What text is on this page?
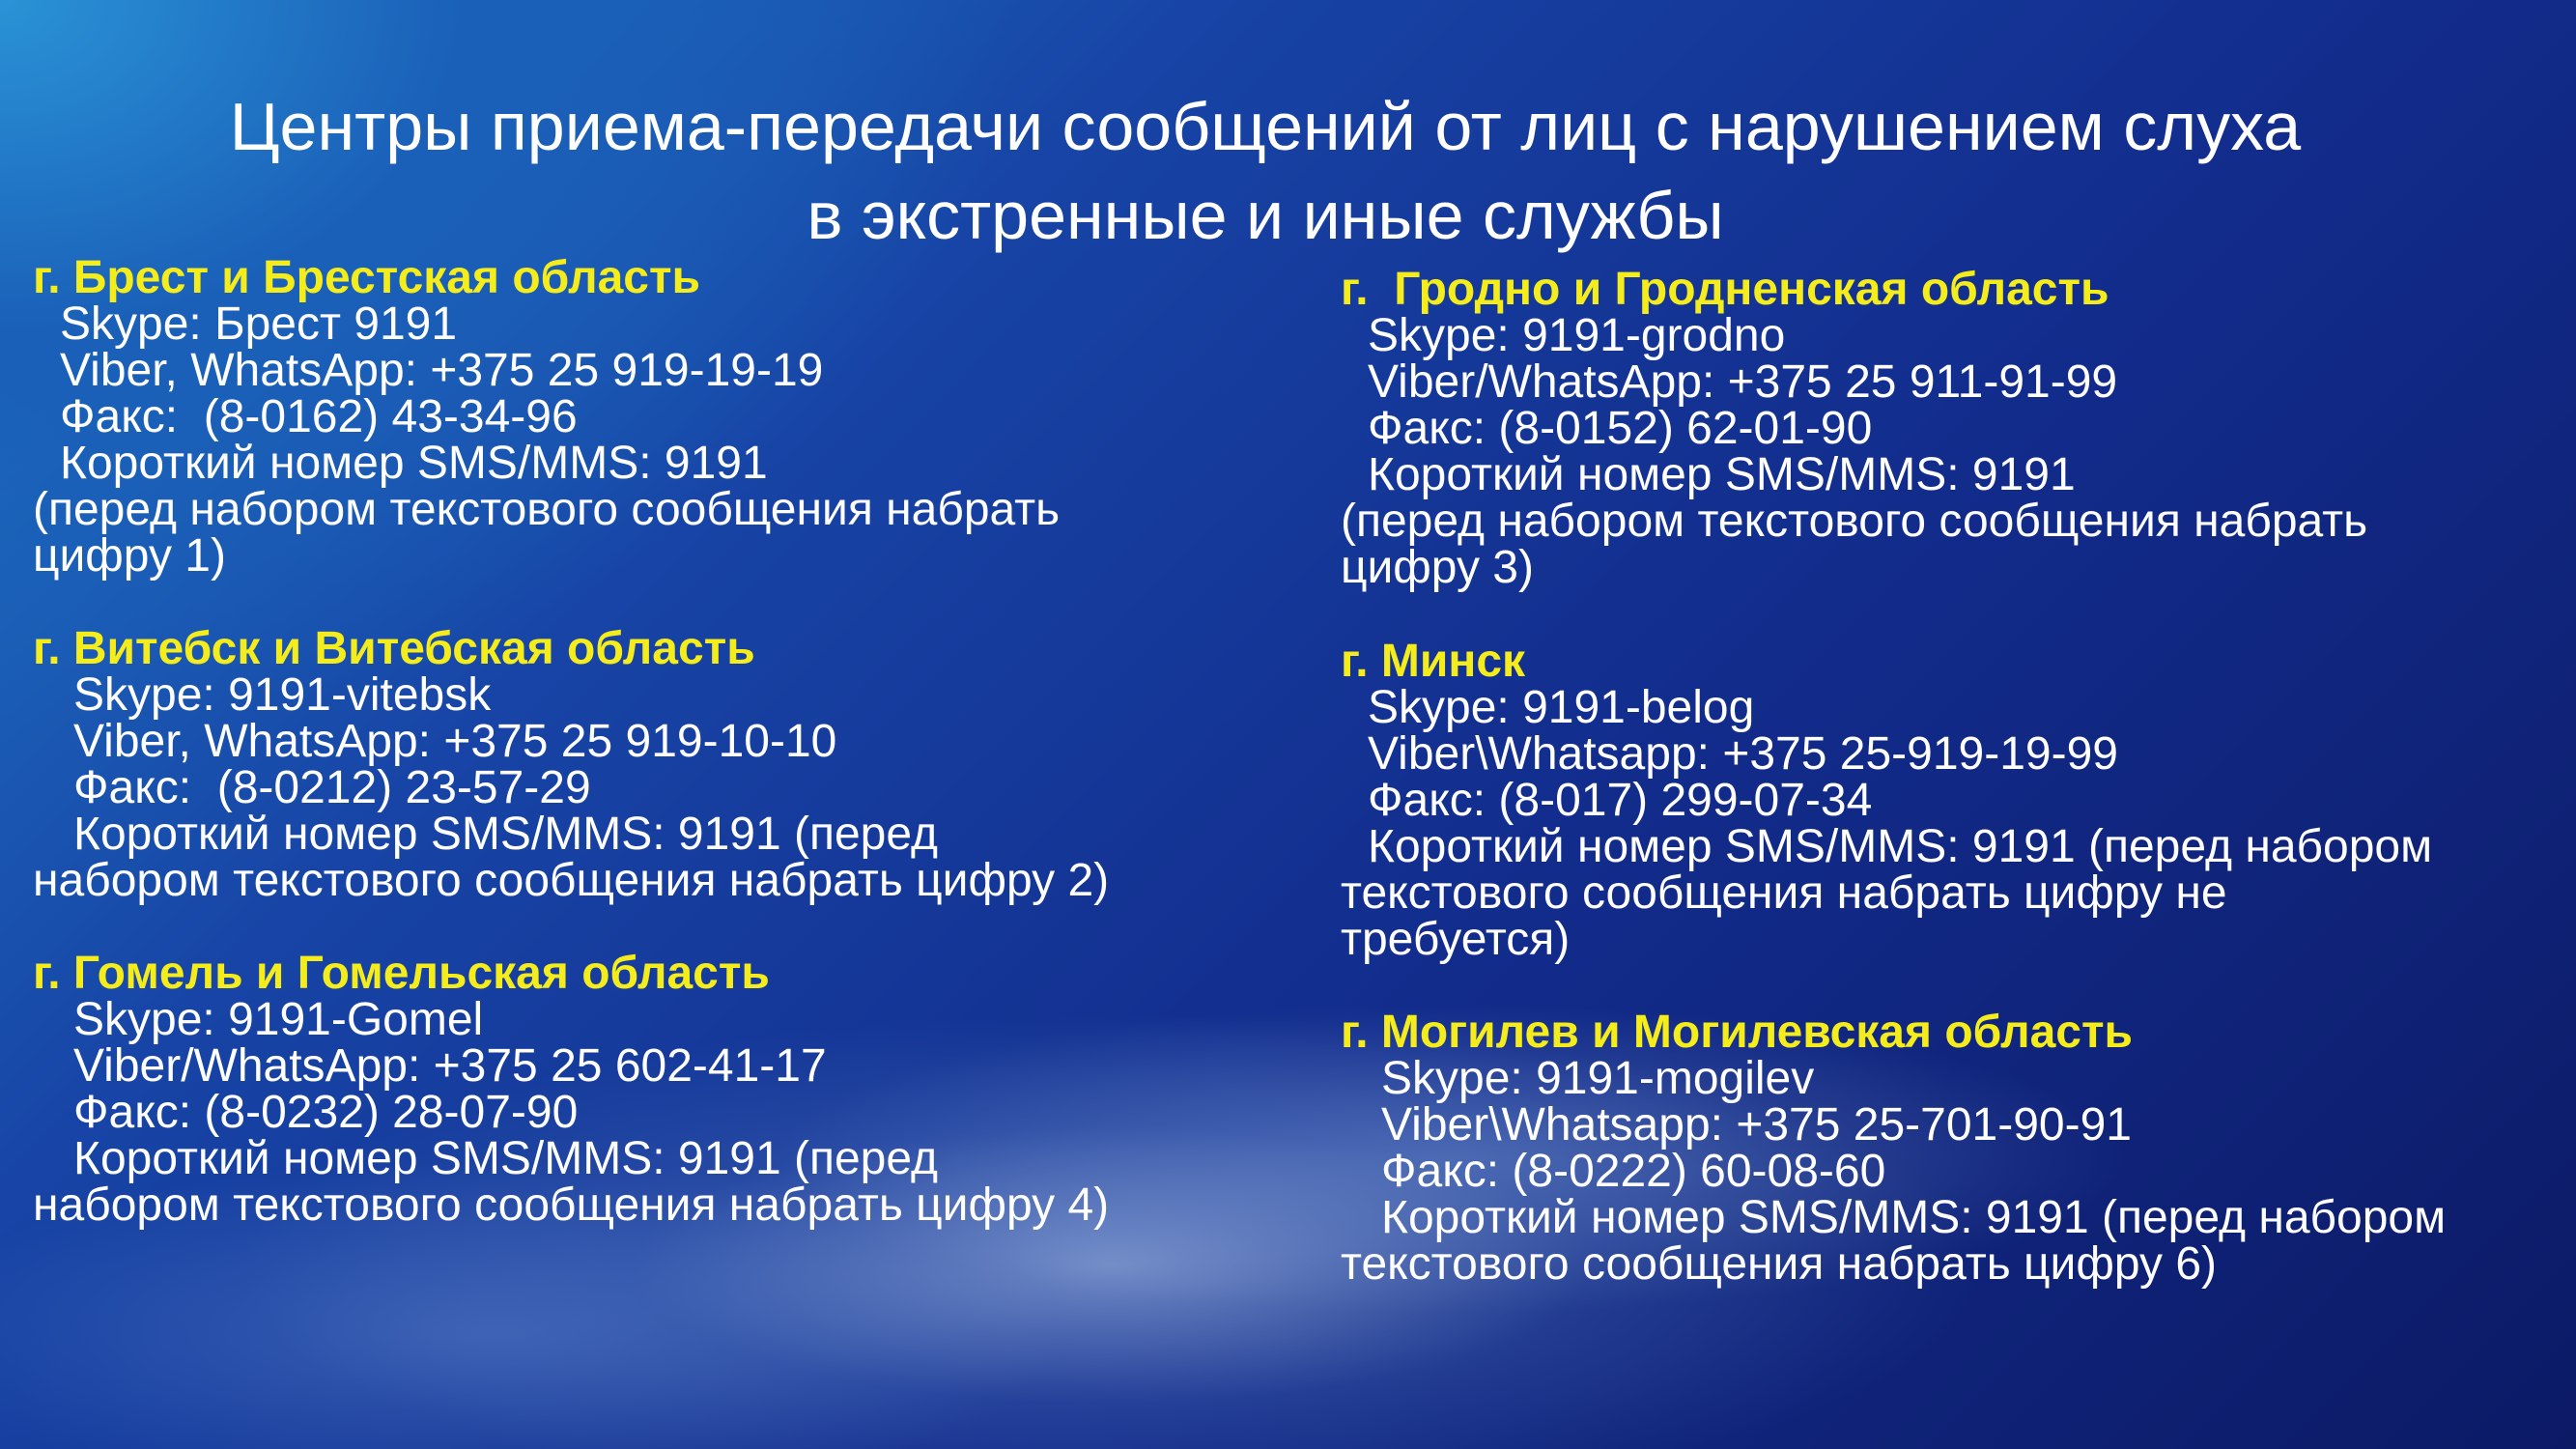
Центры приема-передачи сообщений от лиц с нарушением слуха
в экстренные и иные службы
г. Брест и Брестская область
Skype: Брест 9191
Viber, WhatsApp: +375 25 919-19-19
Факс:  (8-0162) 43-34-96
Короткий номер SMS/MMS: 9191
(перед набором текстового сообщения набрать
цифру 1)
г. Витебск и Витебская область
Skype: 9191-vitebsk
Viber, WhatsApp: +375 25 919-10-10
Факс:  (8-0212) 23-57-29
Короткий номер SMS/MMS: 9191 (перед
набором текстового сообщения набрать цифру 2)
г. Гомель и Гомельская область
Skype: 9191-Gomel
Viber/WhatsApp: +375 25 602-41-17
Факс: (8-0232) 28-07-90
Короткий номер SMS/MMS: 9191 (перед
набором текстового сообщения набрать цифру 4)
г.  Гродно и Гродненская область
Skype: 9191-grodno
Viber/WhatsApp: +375 25 911-91-99
Факс: (8-0152) 62-01-90
Короткий номер SMS/MMS: 9191
(перед набором текстового сообщения набрать
цифру 3)
г. Минск
Skype: 9191-belog
Viber\Whatsapp: +375 25-919-19-99
Факс: (8-017) 299-07-34
Короткий номер SMS/MMS: 9191 (перед набором
текстового сообщения набрать цифру не
требуется)
г. Могилев и Могилевская область
Skype: 9191-mogilev
Viber\Whatsapp: +375 25-701-90-91
Факс: (8-0222) 60-08-60
Короткий номер SMS/MMS: 9191 (перед набором
текстового сообщения набрать цифру 6)
